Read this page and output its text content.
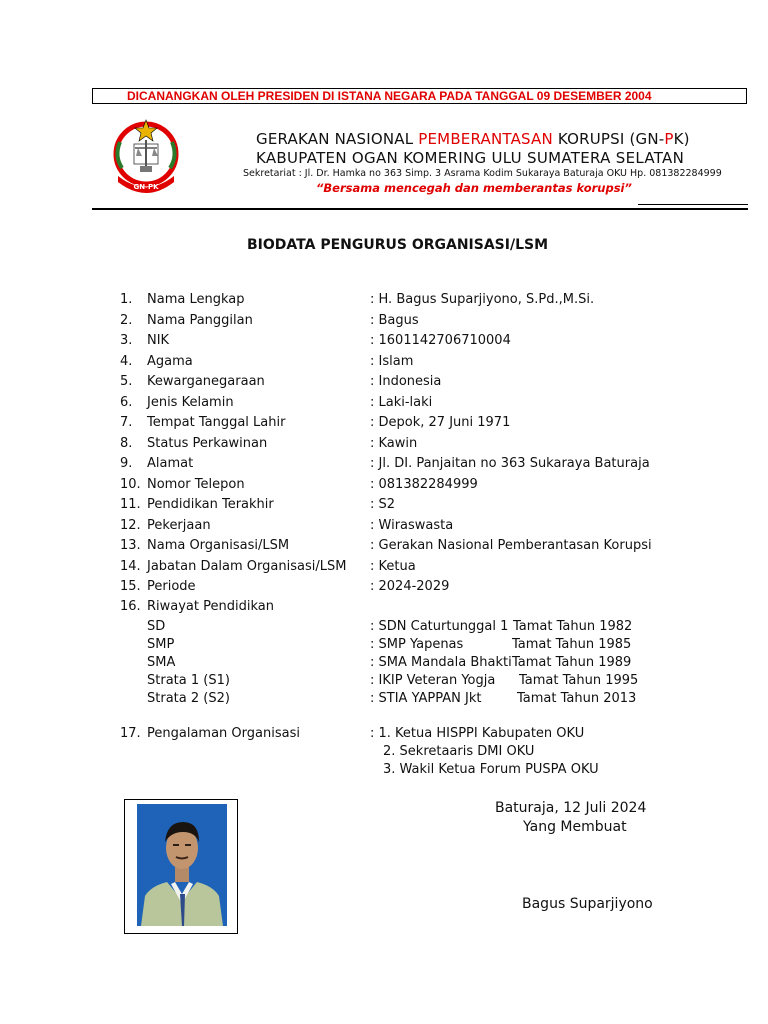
DICANANGKAN OLEH PRESIDEN DI ISTANA NEGARA PADA TANGGAL 09 DESEMBER 2004
GN-PK
GERAKAN NASIONAL PEMBERANTASAN KORUPSI (GN-PK)
KABUPATEN OGAN KOMERING ULU SUMATERA SELATAN
Sekretariat : Jl. Dr. Hamka no 363 Simp. 3 Asrama Kodim Sukaraya Baturaja OKU Hp. 081382284999
“Bersama mencegah dan memberantas korupsi”
BIODATA PENGURUS ORGANISASI/LSM
1. Nama Lengkap	: H. Bagus Suparjiyono, S.Pd.,M.Si.
2. Nama Panggilan	: Bagus
3. NIK	: 1601142706710004
4. Agama	: Islam
5. Kewarganegaraan	: Indonesia
6. Jenis Kelamin	: Laki-laki
7. Tempat Tanggal Lahir	: Depok, 27 Juni 1971
8. Status Perkawinan	: Kawin
9. Alamat	: Jl. DI. Panjaitan no 363 Sukaraya Baturaja
10. Nomor Telepon	: 081382284999
11. Pendidikan Terakhir	: S2
12. Pekerjaan	: Wiraswasta
13. Nama Organisasi/LSM	: Gerakan Nasional Pemberantasan Korupsi
14. Jabatan Dalam Organisasi/LSM : Ketua
15. Periode	: 2024-2029
16. Riwayat Pendidikan
SD	: SDN Caturtunggal 1 Tamat Tahun 1982
SMP	: SMP Yapenas	Tamat Tahun 1985
SMA	: SMA Mandala Bhakti Tamat Tahun 1989
Strata 1 (S1)	: IKIP Veteran Yogja Tamat Tahun 1995
Strata 2 (S2)	: STIA YAPPAN Jkt	Tamat Tahun 2013
17. Pengalaman Organisasi	: 1. Ketua HISPPI Kabupaten OKU
2. Sekretaaris DMI OKU
3. Wakil Ketua Forum PUSPA OKU
Baturaja, 12 Juli 2024
Yang Membuat
Bagus Suparjiyono
